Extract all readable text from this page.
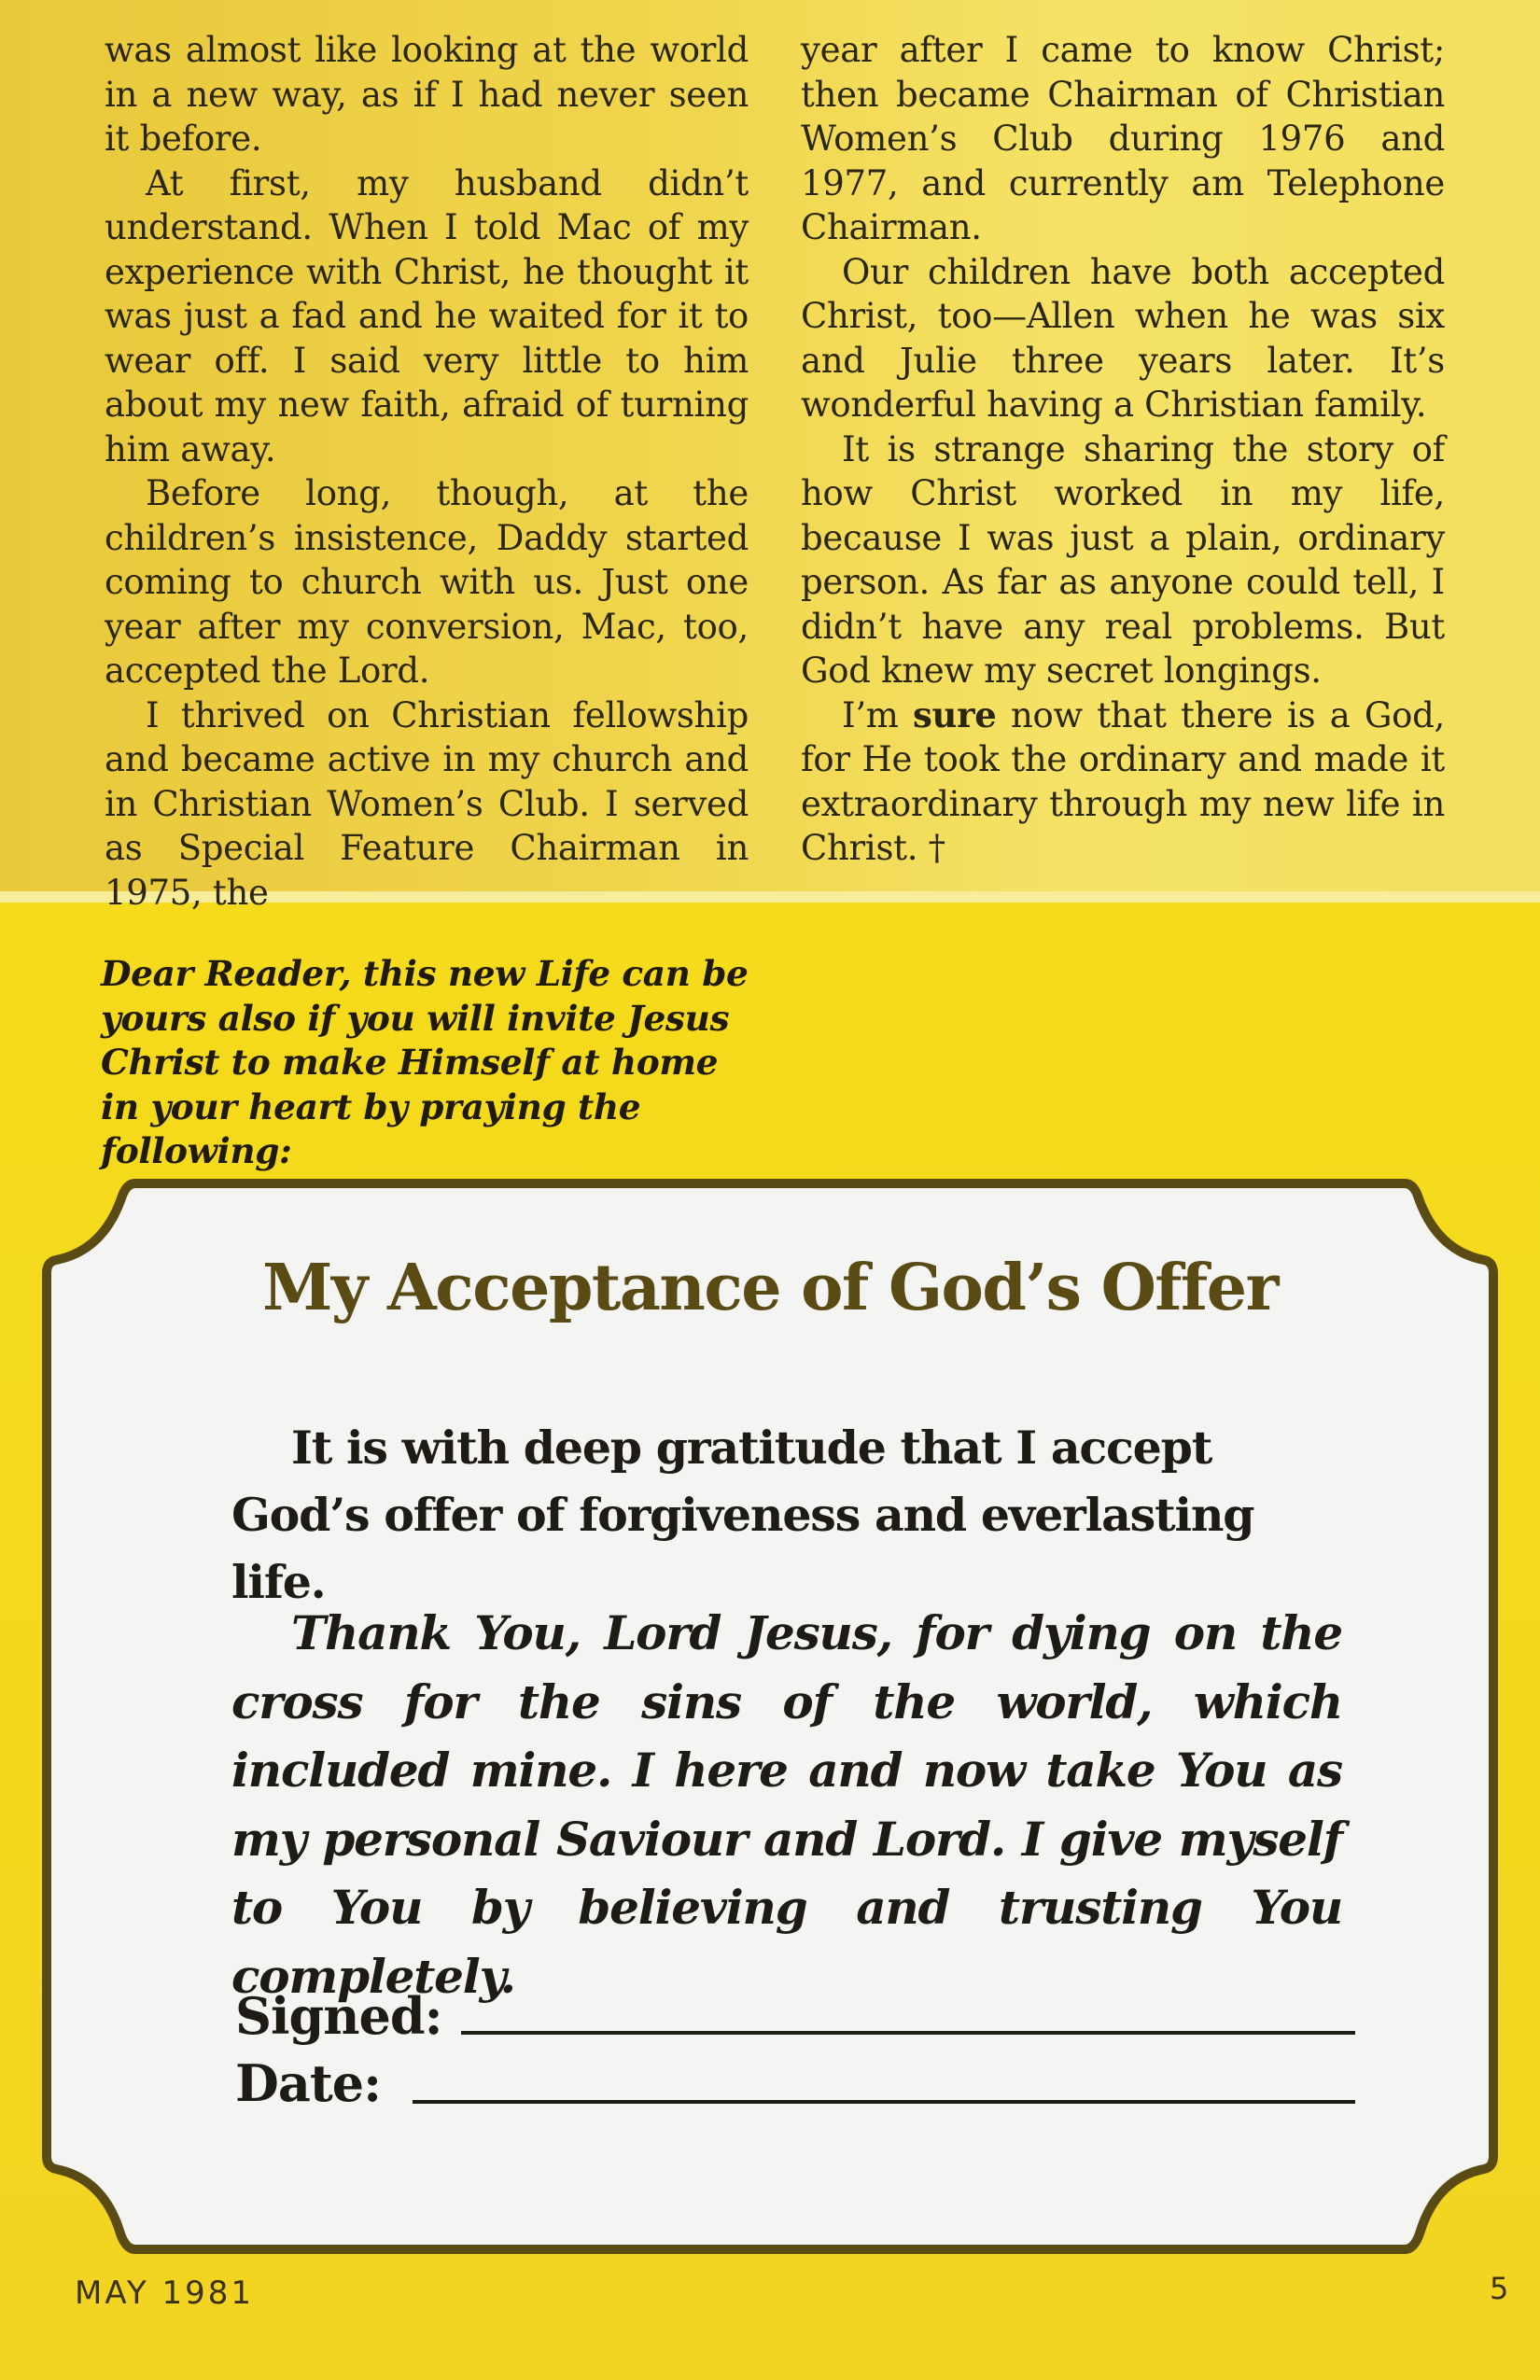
was almost like looking at the world in a new way, as if I had never seen it before.

At first, my husband didn’t understand. When I told Mac of my experience with Christ, he thought it was just a fad and he waited for it to wear off. I said very little to him about my new faith, afraid of turning him away.

Before long, though, at the children’s insistence, Daddy started coming to church with us. Just one year after my conversion, Mac, too, accepted the Lord.

I thrived on Christian fellowship and became active in my church and in Christian Women’s Club. I served as Special Feature Chairman in 1975, the

year after I came to know Christ; then became Chairman of Christian Women’s Club during 1976 and 1977, and currently am Telephone Chairman.

Our children have both accepted Christ, too—Allen when he was six and Julie three years later. It’s wonderful having a Christian family.

It is strange sharing the story of how Christ worked in my life, because I was just a plain, ordinary person. As far as anyone could tell, I didn’t have any real problems. But God knew my secret longings.

I’m sure now that there is a God, for He took the ordinary and made it extraordinary through my new life in Christ. †

Dear Reader, this new Life can be yours also if you will invite Jesus Christ to make Himself at home in your heart by praying the following:
My Acceptance of God’s Offer
It is with deep gratitude that I accept God’s offer of forgiveness and everlasting life.
Thank You, Lord Jesus, for dying on the cross for the sins of the world, which included mine. I here and now take You as my personal Saviour and Lord. I give myself to You by believing and trusting You completely.
Signed:
Date:
MAY 1981	5
